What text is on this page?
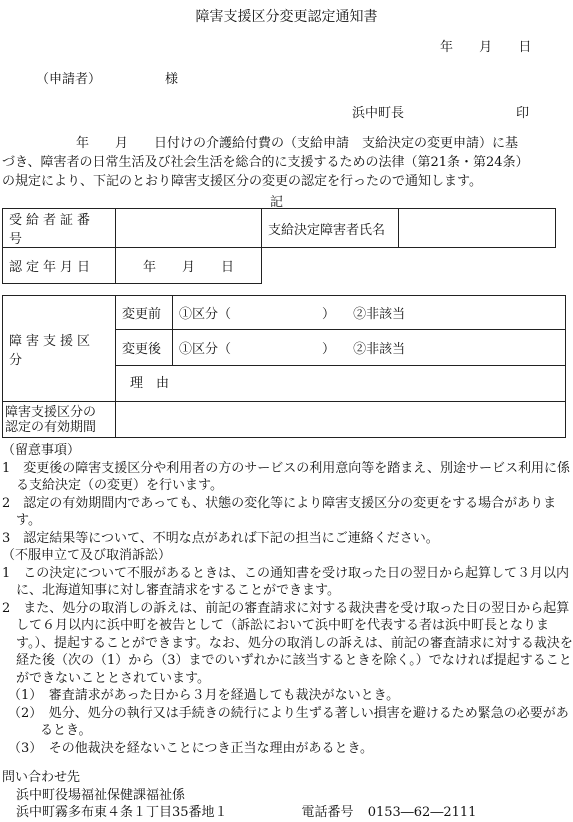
障害支援区分変更認定通知書
年 月 日
（申請者）	様
浜中町長	印

年　　月　　日付けの介護給付費の（支給申請　支給決定の変更申請）に基

づき、障害者の日常生活及び社会生活を総合的に支援するための法律（第21条・第24条）

の規定により、下記のとおり障害支援区分の変更の認定を行ったので通知します。

記
受給者証番号		支給決定障害者氏名	
認定年月日	年　　月　　日		
障害支援区分	変更前	①区分（　　　　　　　） ②非該当
	変更後	①区分（　　　　　　　） ②非該当
	理　由	

障害支援区分の
認定の有効期間		

（留意事項）
1　変更後の障害支援区分や利用者の方のサービスの利用意向等を踏まえ、別途サービス利用に係る支給決定（の変更）を行います。
2　認定の有効期間内であっても、状態の変化等により障害支援区分の変更をする場合があります。
3　認定結果等について、不明な点があれば下記の担当にご連絡ください。
（不服申立て及び取消訴訟）
1　この決定について不服があるときは、この通知書を受け取った日の翌日から起算して３月以内に、北海道知事に対し審査請求をすることができます。
2　また、処分の取消しの訴えは、前記の審査請求に対する裁決書を受け取った日の翌日から起算して６月以内に浜中町を被告として（訴訟において浜中町を代表する者は浜中町長となります。）、提起することができます。なお、処分の取消しの訴えは、前記の審査請求に対する裁決を経た後（次の（1）から（3）までのいずれかに該当するときを除く。）でなければ提起することができないこととされています。
（1）　審査請求があった日から３月を経過しても裁決がないとき。
（2）　処分、処分の執行又は手続きの続行により生ずる著しい損害を避けるため緊急の必要があるとき。
（3）　その他裁決を経ないことにつき正当な理由があるとき。
問い合わせ先
浜中町役場福祉保健課福祉係
浜中町霧多布東４条１丁目35番地１	電話番号 0153―62―2111
